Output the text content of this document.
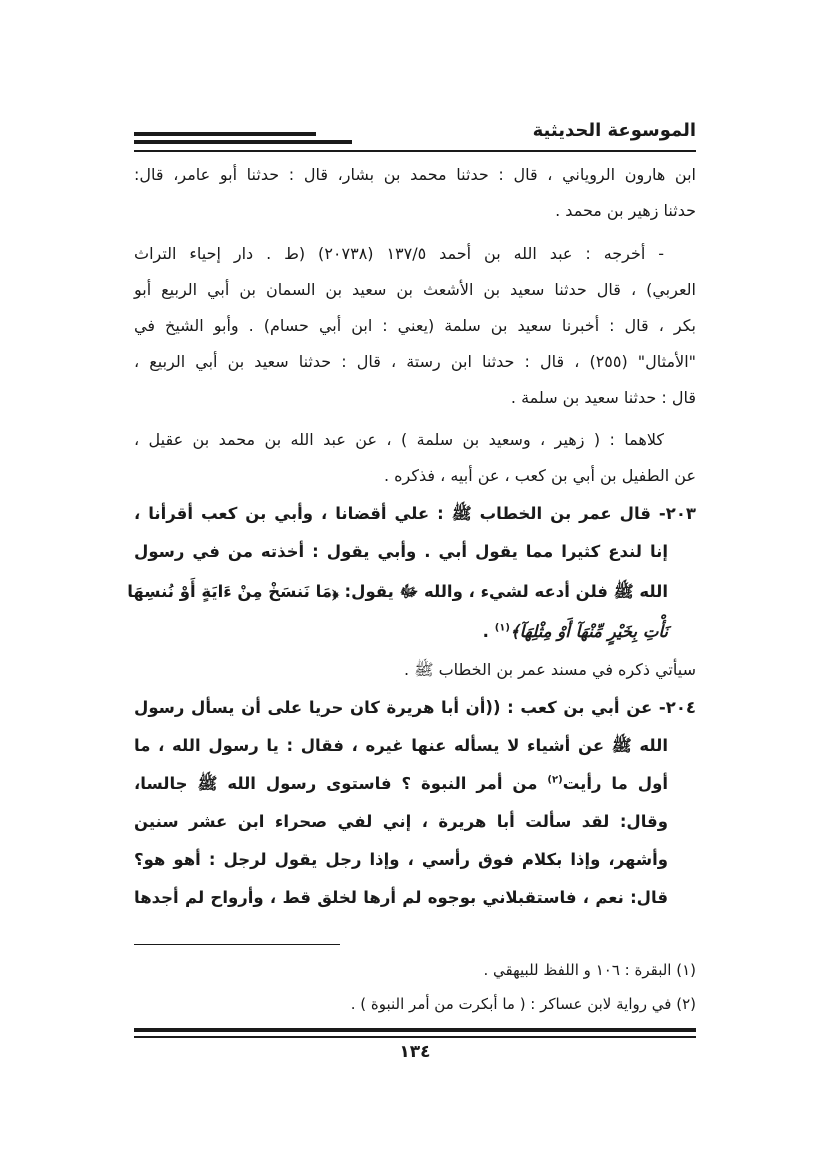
الموسوعة الحديثية
ابن هارون الروياني ، قال : حدثنا محمد بن بشار، قال : حدثنا أبو عامر، قال:
حدثنا زهير بن محمد .
- أخرجه : عبد الله بن أحمد ١٣٧/٥ (٢٠٧٣٨) (ط . دار إحياء التراث
العربي) ، قال حدثنا سعيد بن الأشعث بن سعيد بن السمان بن أبي الربيع أبو
بكر ، قال : أخبرنا سعيد بن سلمة (يعني : ابن أبي حسام) . وأبو الشيخ في
"الأمثال" (٢٥٥) ، قال : حدثنا ابن رستة ، قال : حدثنا سعيد بن أبي الربيع ،
قال : حدثنا سعيد بن سلمة .
كلاهما : ( زهير ، وسعيد بن سلمة ) ، عن عبد الله بن محمد بن عقيل ،
عن الطفيل بن أبي بن كعب ، عن أبيه ، فذكره .
٢٠٣- قال عمر بن الخطاب ﷺ : علي أقضانا ، وأبي بن كعب أقرأنا ،
إنا لندع كثيرا مما يقول أبي . وأبي يقول : أخذته من في رسول
الله ﷺ فلن أدعه لشيء ، والله ﷻ يقول: ﴿مَا نَنسَخْ مِنْ ءَايَةٍ أَوْ نُنسِهَا
نَأْتِ بِخَيْرٍ مِّنْهَآ أَوْ مِثْلِهَآ﴾$^{(١)}$ .
سيأتي ذكره في مسند عمر بن الخطاب ﷺ .
٢٠٤- عن أبي بن كعب : ((أن أبا هريرة كان حريا على أن يسأل رسول
الله ﷺ عن أشياء لا يسأله عنها غيره ، فقال : يا رسول الله ، ما
أول ما رأيت$^{(٢)}$ من أمر النبوة ؟ فاستوى رسول الله ﷺ جالسا،
وقال: لقد سألت أبا هريرة ، إني لفي صحراء ابن عشر سنين
وأشهر، وإذا بكلام فوق رأسي ، وإذا رجل يقول لرجل : أهو هو؟
قال: نعم ، فاستقبلاني بوجوه لم أرها لخلق قط ، وأرواح لم أجدها
(١) البقرة : ١٠٦ و اللفظ للبيهقي .
(٢) في رواية لابن عساكر : ( ما أبكرت من أمر النبوة ) .
١٣٤
